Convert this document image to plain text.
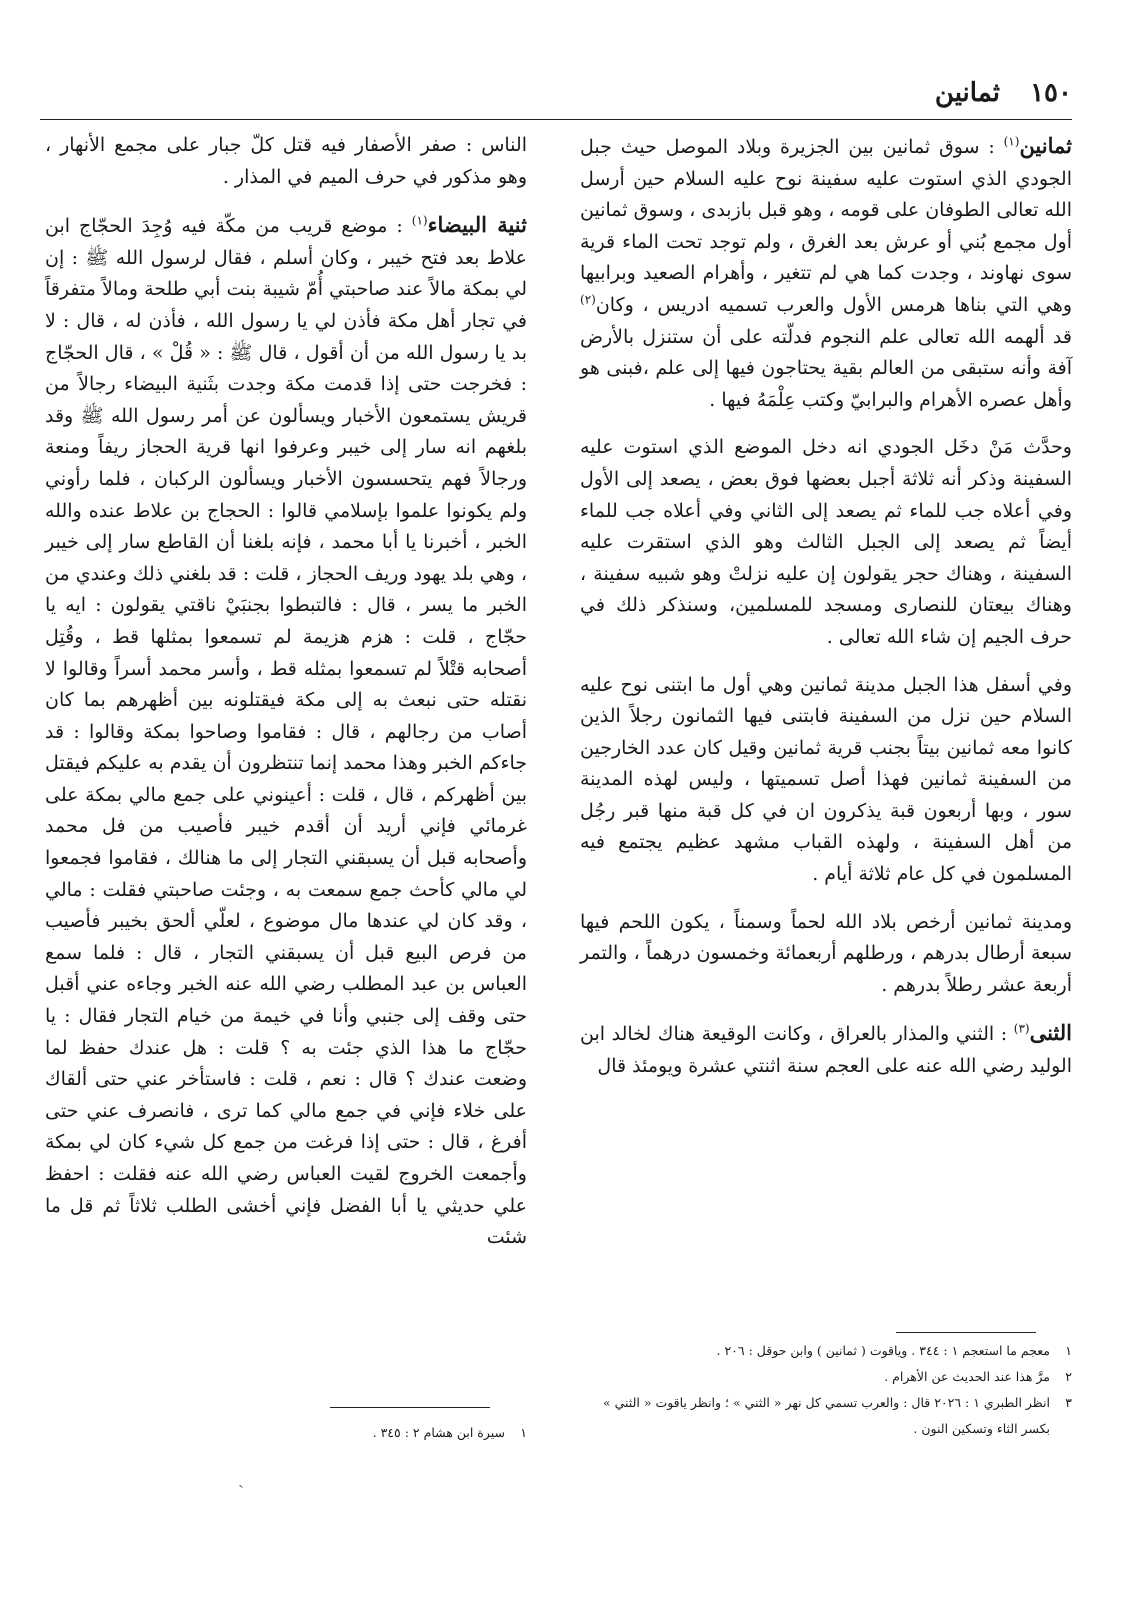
١٥٠
ثمانين

ثمانين$^{(١)}$ : سوق ثمانين بين الجزيرة وبلاد الموصل حيث جبل الجودي الذي استوت عليه سفينة نوح عليه السلام حين أرسل الله تعالى الطوفان على قومه ، وهو قبل بازبدى ، وسوق ثمانين أول مجمع بُني أو عرش بعد الغرق ، ولم توجد تحت الماء قرية سوى نهاوند ، وجدت كما هي لم تتغير ، وأهرام الصعيد وبرابيها وهي التي بناها هرمس الأول والعرب تسميه ادريس ، وكان$^{(٢)}$ قد ألهمه الله تعالى علم النجوم فدلّته على أن ستنزل بالأرض آفة وأنه ستبقى من العالم بقية يحتاجون فيها إلى علم ،فبنى هو وأهل عصره الأهرام والبرابيّ وكتب عِلْمَهُ فيها .

وحدَّث مَنْ دخَل الجودي انه دخل الموضع الذي استوت عليه السفينة وذكر أنه ثلاثة أجبل بعضها فوق بعض ، يصعد إلى الأول وفي أعلاه جب للماء ثم يصعد إلى الثاني وفي أعلاه جب للماء أيضاً ثم يصعد إلى الجبل الثالث وهو الذي استقرت عليه السفينة ، وهناك حجر يقولون إن عليه نزلتْ وهو شبيه سفينة ، وهناك بيعتان للنصارى ومسجد للمسلمين، وسنذكر ذلك في حرف الجيم إن شاء الله تعالى .

وفي أسفل هذا الجبل مدينة ثمانين وهي أول ما ابتنى نوح عليه السلام حين نزل من السفينة فابتنى فيها الثمانون رجلاً الذين كانوا معه ثمانين بيتاً بجنب قرية ثمانين وقيل كان عدد الخارجين من السفينة ثمانين فهذا أصل تسميتها ، وليس لهذه المدينة سور ، وبها أربعون قبة يذكرون ان في كل قبة منها قبر رجُل من أهل السفينة ، ولهذه القباب مشهد عظيم يجتمع فيه المسلمون في كل عام ثلاثة أيام .

ومدينة ثمانين أرخص بلاد الله لحماً وسمناً ، يكون اللحم فيها سبعة أرطال بدرهم ، ورطلهم أربعمائة وخمسون درهماً ، والتمر أربعة عشر رطلاً بدرهم .

الثنى$^{(٣)}$ : الثني والمذار بالعراق ، وكانت الوقيعة هناك لخالد ابن الوليد رضي الله عنه على العجم سنة اثنتي عشرة ويومئذ قال

١
معجم ما استعجم ١ : ٣٤٤ . وياقوت ( ثمانين ) وابن حوقل : ٢٠٦ .
٢
مرَّ هذا عند الحديث عن الأهرام .
٣
انظر الطبري ١ : ٢٠٢٦ قال : والعرب تسمي كل نهر « الثني » ؛ وانظر ياقوت « الثني » بكسر الثاء وتسكين النون .

الناس : صفر الأصفار فيه قتل كلّ جبار على مجمع الأنهار ، وهو مذكور في حرف الميم في المذار .

ثنية البيضاء$^{(١)}$ : موضع قريب من مكّة فيه وُجِدَ الحجّاج ابن علاط بعد فتح خيبر ، وكان أسلم ، فقال لرسول الله ﷺ : إن لي بمكة مالاً عند صاحبتي أُمّ شيبة بنت أبي طلحة ومالاً متفرقاً في تجار أهل مكة فأذن لي يا رسول الله ، فأذن له ، قال : لا بد يا رسول الله من أن أقول ، قال ﷺ : « قُلْ » ، قال الحجّاج : فخرجت حتى إذا قدمت مكة وجدت بثَنية البيضاء رجالاً من قريش يستمعون الأخبار ويسألون عن أمر رسول الله ﷺ وقد بلغهم انه سار إلى خيبر وعرفوا انها قرية الحجاز ريفاً ومنعة ورجالاً فهم يتحسسون الأخبار ويسألون الركبان ، فلما رأوني ولم يكونوا علموا بإسلامي قالوا : الحجاج بن علاط عنده والله الخبر ، أخبرنا يا أبا محمد ، فإنه بلغنا أن القاطع سار إلى خيبر ، وهي بلد يهود وريف الحجاز ، قلت : قد بلغني ذلك وعندي من الخبر ما يسر ، قال : فالتبطوا بجنبَيْ ناقتي يقولون : ايه يا حجّاج ، قلت : هزم هزيمة لم تسمعوا بمثلها قط ، وقُتِل أصحابه قتْلاً لم تسمعوا بمثله قط ، وأسر محمد أسراً وقالوا لا نقتله حتى نبعث به إلى مكة فيقتلونه بين أظهرهم بما كان أصاب من رجالهم ، قال : فقاموا وصاحوا بمكة وقالوا : قد جاءكم الخبر وهذا محمد إنما تنتظرون أن يقدم به عليكم فيقتل بين أظهركم ، قال ، قلت : أعينوني على جمع مالي بمكة على غرمائي فإني أريد أن أقدم خيبر فأصيب من فل محمد وأصحابه قبل أن يسبقني التجار إلى ما هنالك ، فقاموا فجمعوا لي مالي كأحث جمع سمعت به ، وجئت صاحبتي فقلت : مالي ، وقد كان لي عندها مال موضوع ، لعلّي ألحق بخيبر فأصيب من فرص البيع قبل أن يسبقني التجار ، قال : فلما سمع العباس بن عبد المطلب رضي الله عنه الخبر وجاءه عني أقبل حتى وقف إلى جنبي وأنا في خيمة من خيام التجار فقال : يا حجّاج ما هذا الذي جئت به ؟ قلت : هل عندك حفظ لما وضعت عندك ؟ قال : نعم ، قلت : فاستأخر عني حتى ألقاك على خلاء فإني في جمع مالي كما ترى ، فانصرف عني حتى أفرغ ، قال : حتى إذا فرغت من جمع كل شيء كان لي بمكة وأجمعت الخروج لقيت العباس رضي الله عنه فقلت : احفظ علي حديثي يا أبا الفضل فإني أخشى الطلب ثلاثاً ثم قل ما شئت

١
سيرة ابن هشام ٢ : ٣٤٥ .
ˏ
